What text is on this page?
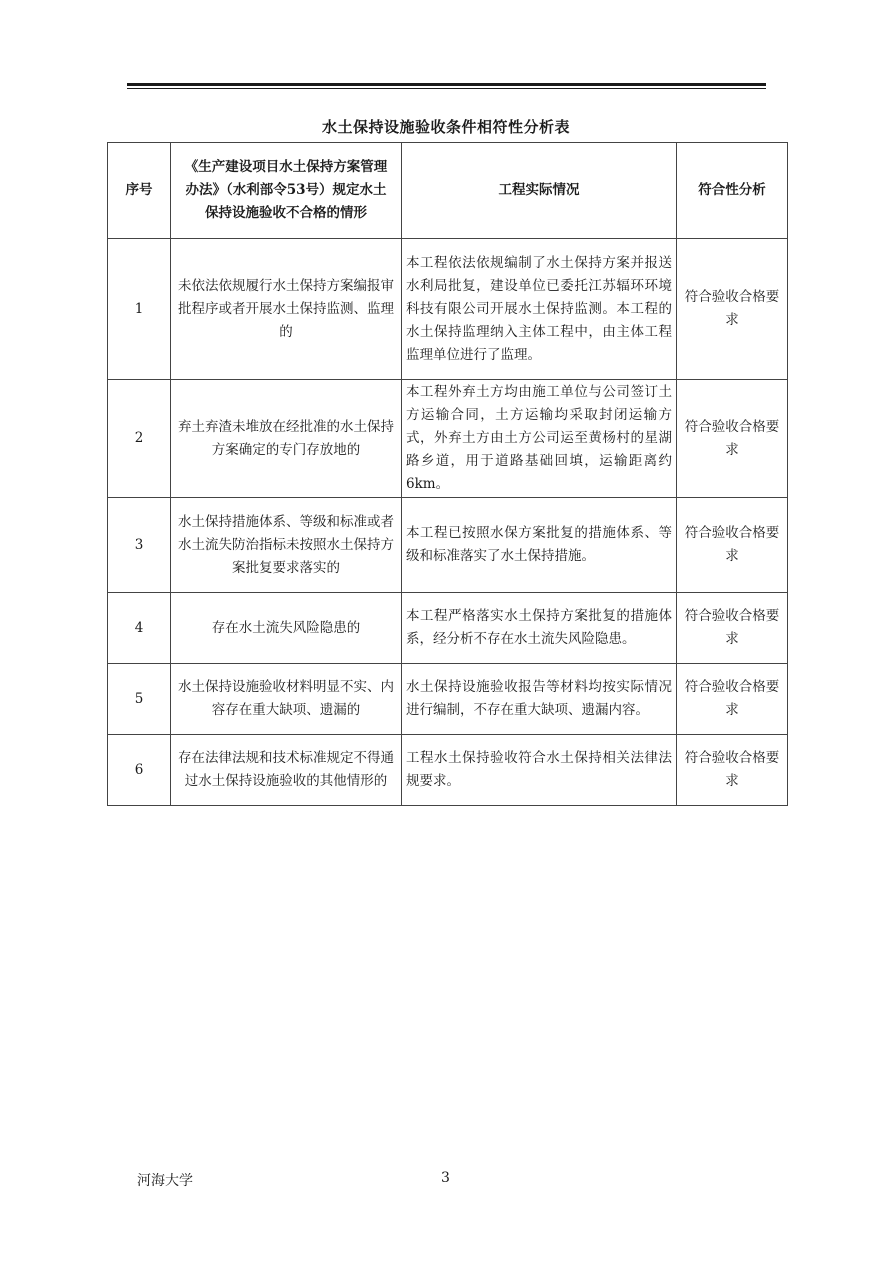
水土保持设施验收条件相符性分析表
序号	《生产建设项目水土保持方案管理办法》（水利部令53号）规定水土保持设施验收不合格的情形	工程实际情况	符合性分析
1	未依法依规履行水土保持方案编报审批程序或者开展水土保持监测、监理的	本工程依法依规编制了水土保持方案并报送水利局批复，建设单位已委托江苏辐环环境科技有限公司开展水土保持监测。本工程的水土保持监理纳入主体工程中，由主体工程监理单位进行了监理。	符合验收合格要求
2	弃土弃渣未堆放在经批准的水土保持方案确定的专门存放地的	本工程外弃土方均由施工单位与公司签订土方运输合同，土方运输均采取封闭运输方式，外弃土方由土方公司运至黄杨村的星湖路乡道，用于道路基础回填，运输距离约6km。	符合验收合格要求
3	水土保持措施体系、等级和标准或者水土流失防治指标未按照水土保持方案批复要求落实的	本工程已按照水保方案批复的措施体系、等级和标准落实了水土保持措施。	符合验收合格要求
4	存在水土流失风险隐患的	本工程严格落实水土保持方案批复的措施体系，经分析不存在水土流失风险隐患。	符合验收合格要求
5	水土保持设施验收材料明显不实、内容存在重大缺项、遗漏的	水土保持设施验收报告等材料均按实际情况进行编制，不存在重大缺项、遗漏内容。	符合验收合格要求
6	存在法律法规和技术标准规定不得通过水土保持设施验收的其他情形的	工程水土保持验收符合水土保持相关法律法规要求。	符合验收合格要求
河海大学	3
